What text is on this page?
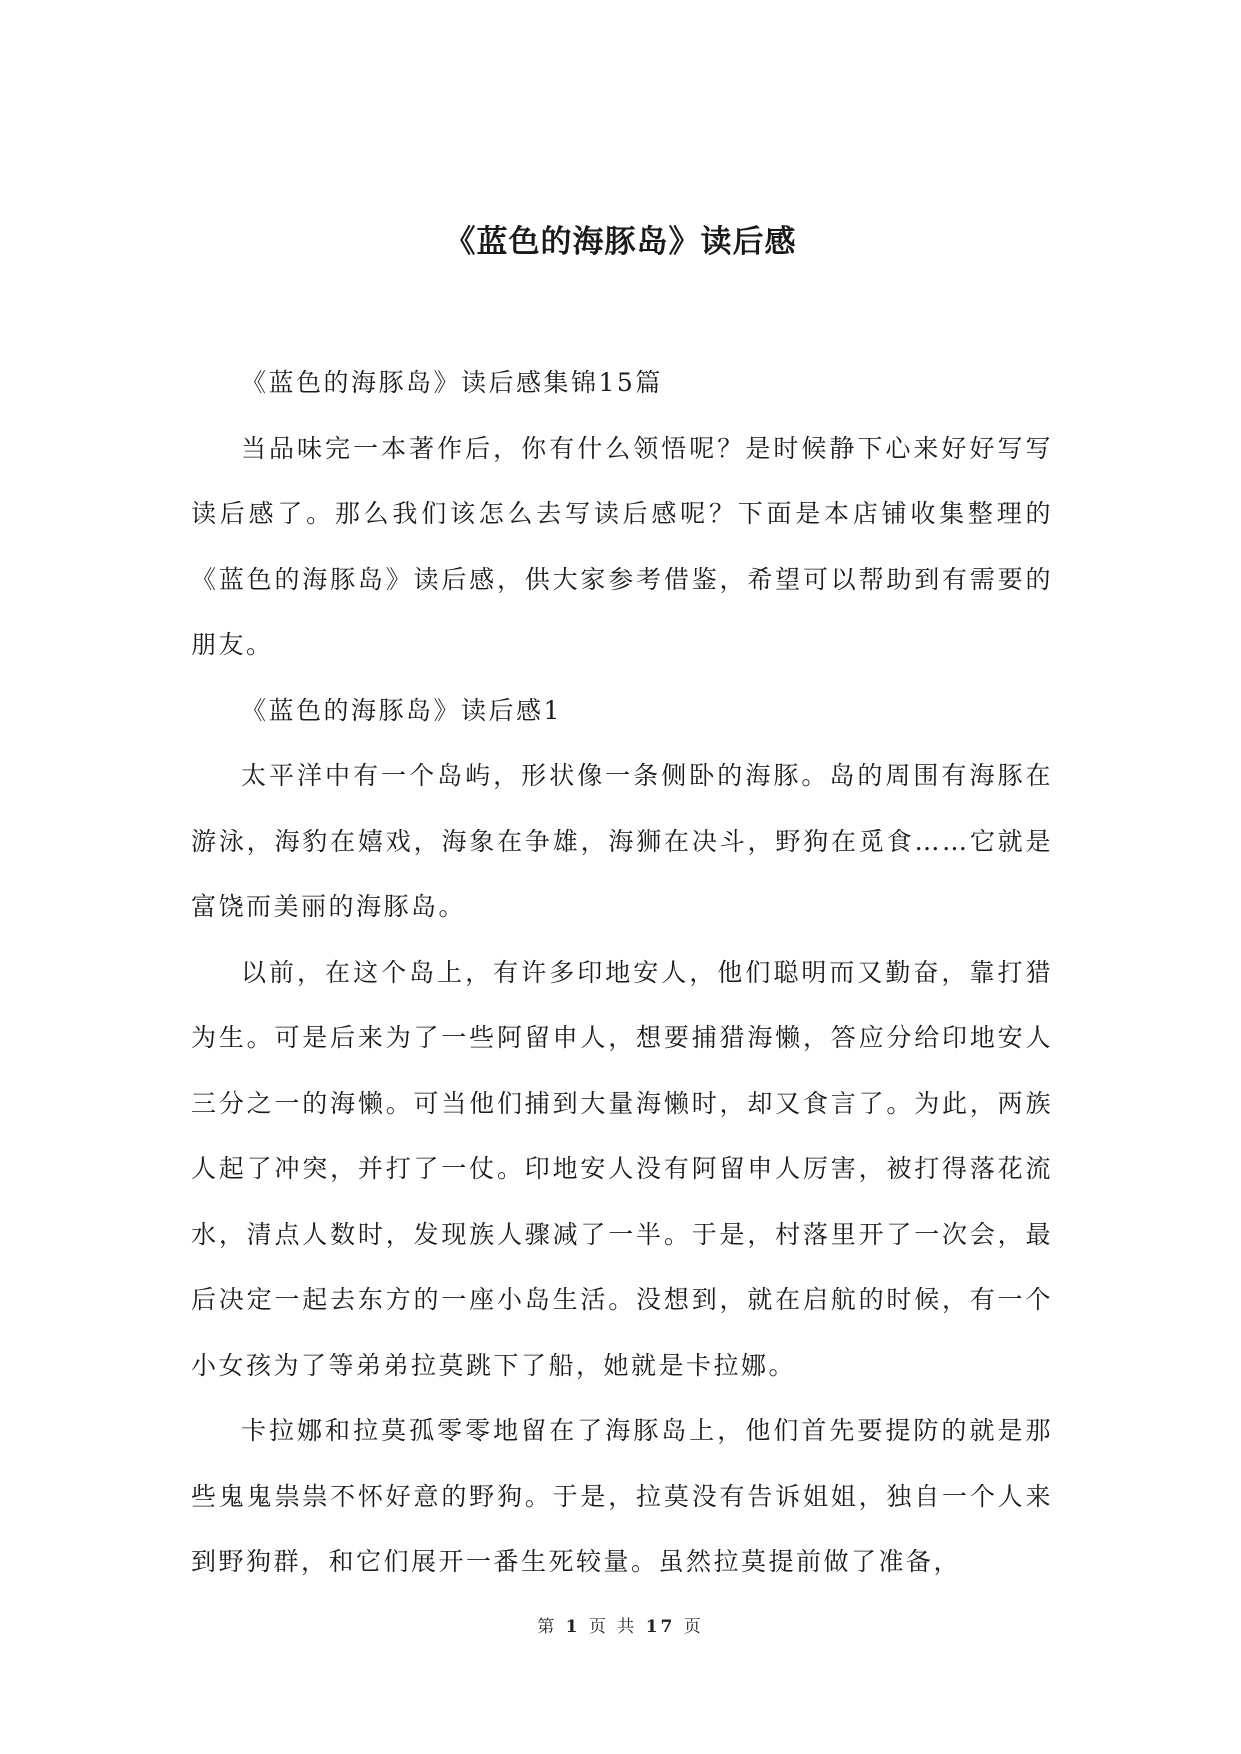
《蓝色的海豚岛》读后感

《蓝色的海豚岛》读后感集锦15篇

当品味完一本著作后，你有什么领悟呢？是时候静下心来好好写写读后感了。那么我们该怎么去写读后感呢？下面是本店铺收集整理的《蓝色的海豚岛》读后感，供大家参考借鉴，希望可以帮助到有需要的朋友。

《蓝色的海豚岛》读后感1

太平洋中有一个岛屿，形状像一条侧卧的海豚。岛的周围有海豚在游泳，海豹在嬉戏，海象在争雄，海狮在决斗，野狗在觅食……它就是富饶而美丽的海豚岛。

以前，在这个岛上，有许多印地安人，他们聪明而又勤奋，靠打猎为生。可是后来为了一些阿留申人，想要捕猎海懒，答应分给印地安人三分之一的海懒。可当他们捕到大量海懒时，却又食言了。为此，两族人起了冲突，并打了一仗。印地安人没有阿留申人厉害，被打得落花流水，清点人数时，发现族人骤减了一半。于是，村落里开了一次会，最后决定一起去东方的一座小岛生活。没想到，就在启航的时候，有一个小女孩为了等弟弟拉莫跳下了船，她就是卡拉娜。

卡拉娜和拉莫孤零零地留在了海豚岛上，他们首先要提防的就是那些鬼鬼祟祟不怀好意的野狗。于是，拉莫没有告诉姐姐，独自一个人来到野狗群，和它们展开一番生死较量。虽然拉莫提前做了准备，

第 1 页 共 17 页
